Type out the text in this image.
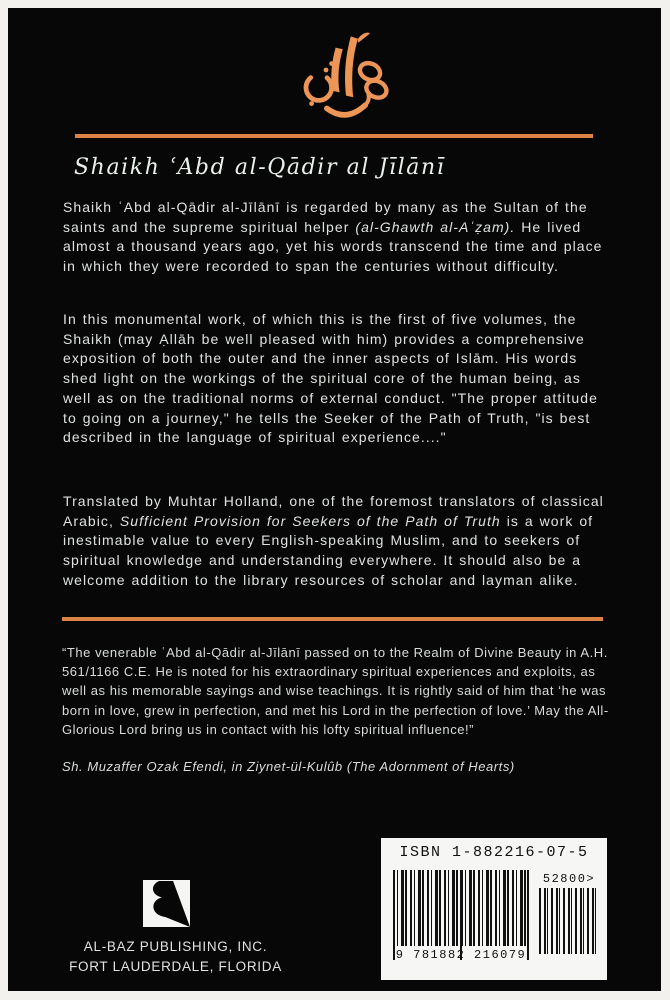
Shaikh ʿAbd al-Qādir al Jīlānī

Shaikh ʿAbd al-Qādir al-Jīlānī is regarded by many as the Sultan of the saints and the supreme spiritual helper (al-Ghawth al-Aʿẓam). He lived almost a thousand years ago, yet his words transcend the time and place in which they were recorded to span the centuries without difficulty.

In this monumental work, of which this is the first of five volumes, the Shaikh (may Ạllāh be well pleased with him) provides a comprehensive exposition of both the outer and the inner aspects of Islām. His words shed light on the workings of the spiritual core of the human being, as well as on the traditional norms of external conduct. "The proper attitude to going on a journey," he tells the Seeker of the Path of Truth, "is best described in the language of spiritual experience...."

Translated by Muhtar Holland, one of the foremost translators of classical Arabic, Sufficient Provision for Seekers of the Path of Truth is a work of inestimable value to every English-speaking Muslim, and to seekers of spiritual knowledge and understanding everywhere. It should also be a welcome addition to the library resources of scholar and layman alike.

“The venerable ʿAbd al-Qādir al-Jīlānī passed on to the Realm of Divine Beauty in A.H. 561/1166 C.E. He is noted for his extraordinary spiritual experiences and exploits, as well as his memorable sayings and wise teachings. It is rightly said of him that ‘he was born in love, grew in perfection, and met his Lord in the perfection of love.’ May the All-Glorious Lord bring us in contact with his lofty spiritual influence!”

Sh. Muzaffer Ozak Efendi, in Ziynet-ül-Kulûb (The Adornment of Hearts)

AL-BAZ PUBLISHING, INC.
FORT LAUDERDALE, FLORIDA
ISBN 1-882216-07-5
9 781882 216079
52800>
